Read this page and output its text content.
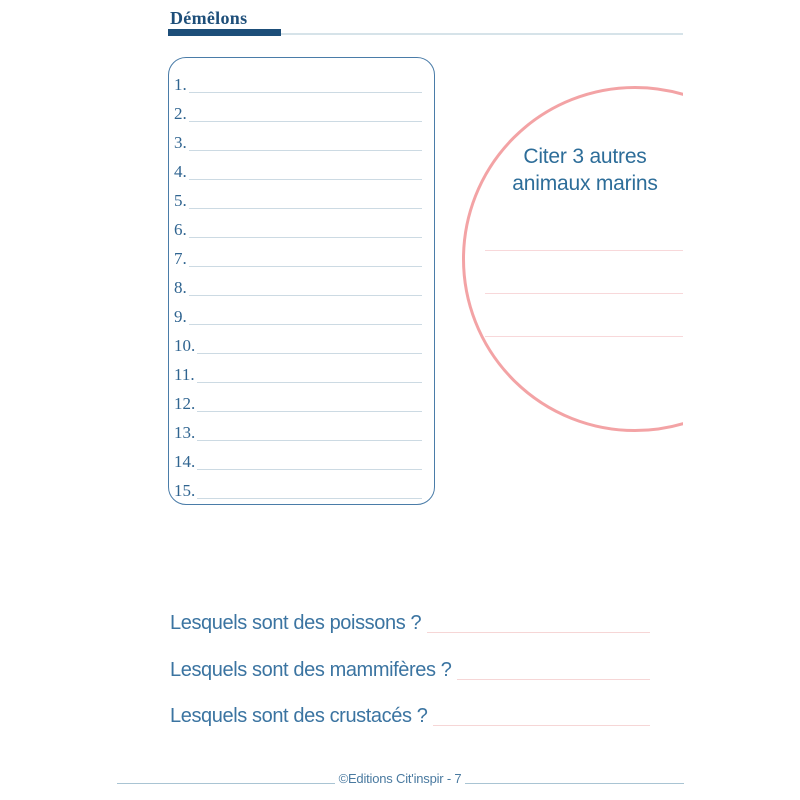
Démêlons
1.
2.
3.
4.
5.
6.
7.
8.
9.
10.
11.
12.
13.
14.
15.
Citer 3 autres
animaux marins
Lesquels sont des poissons ?
Lesquels sont des mammifères ?
Lesquels sont des crustacés ?
©Editions Cit'inspir - 7
